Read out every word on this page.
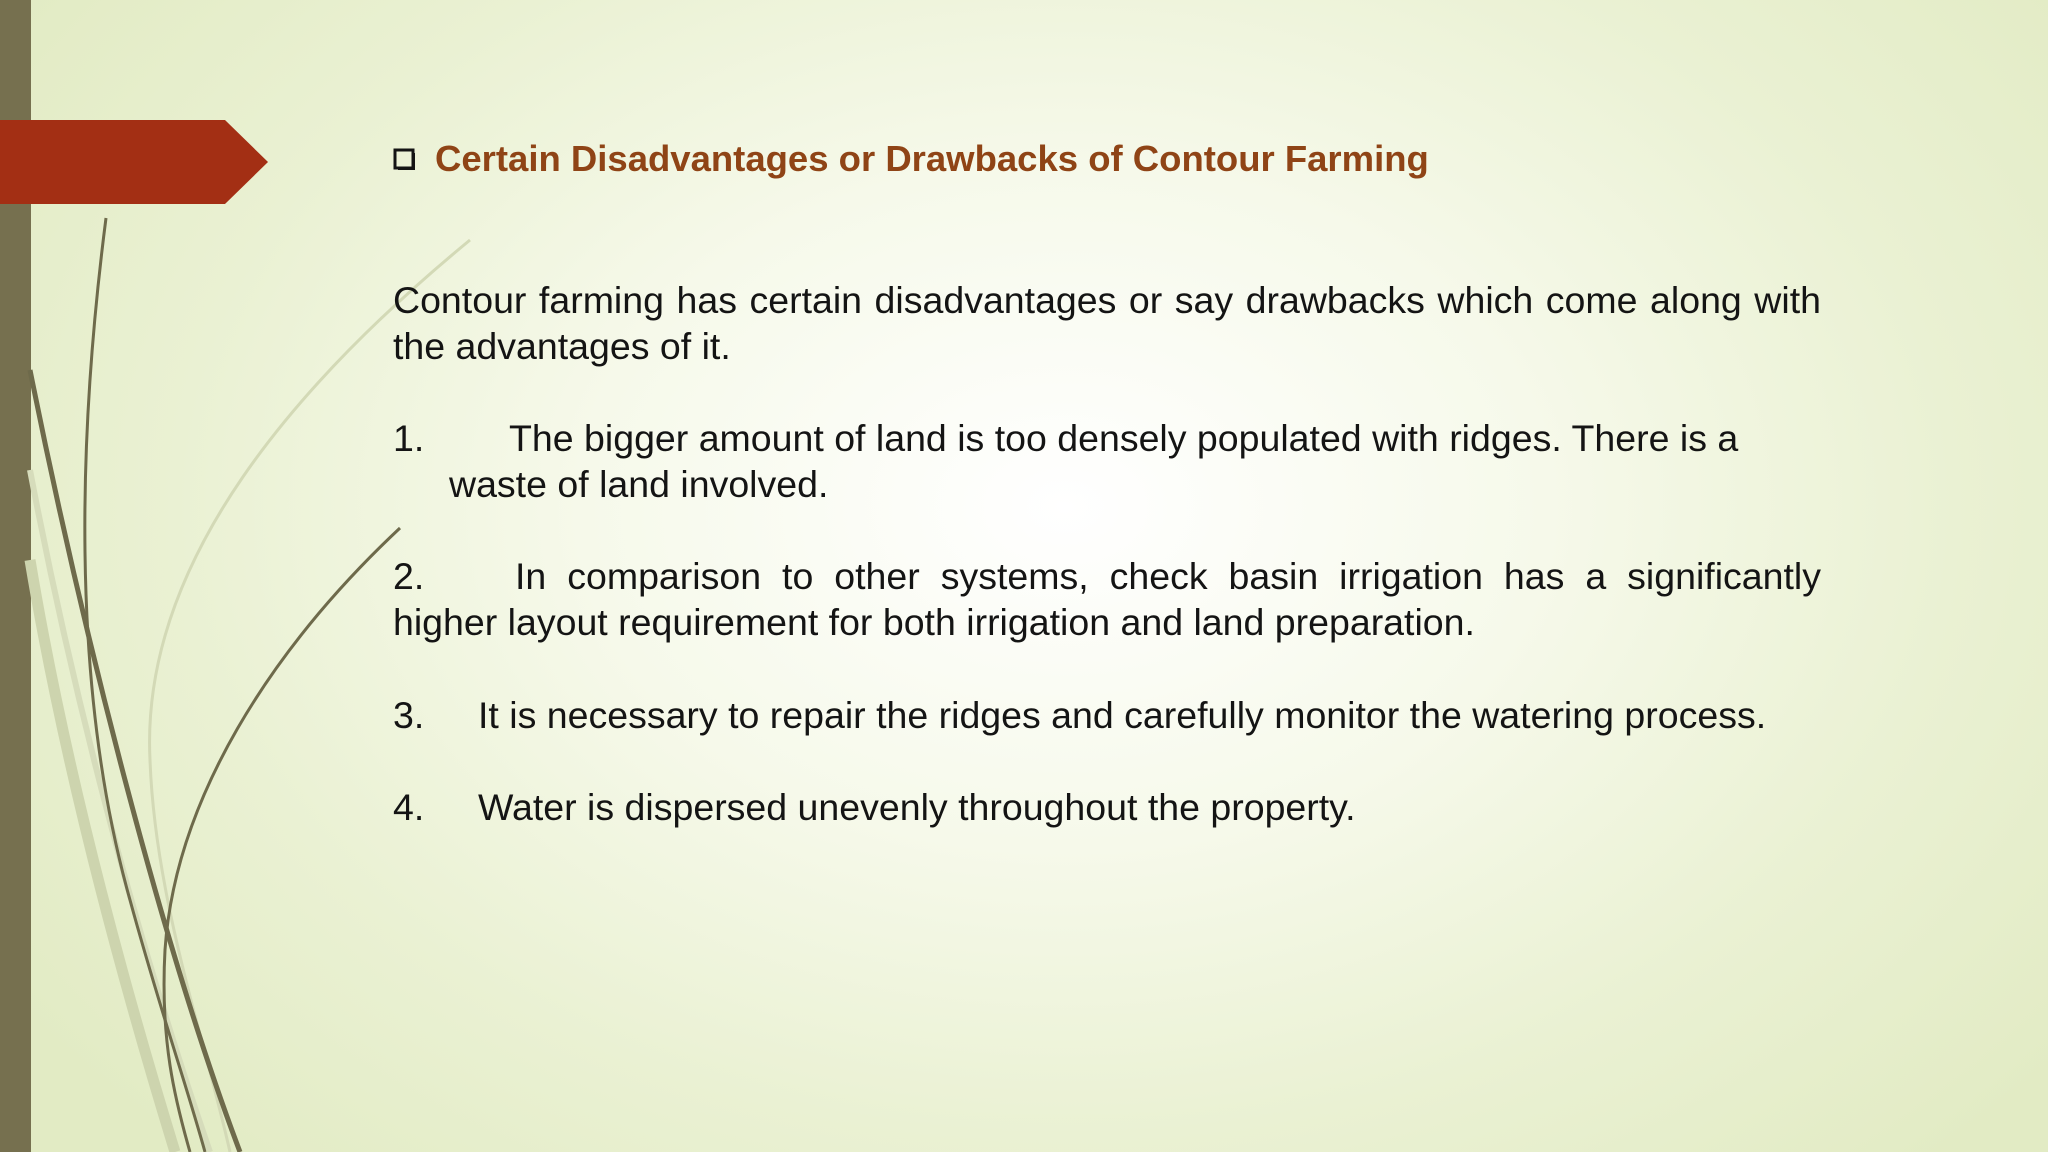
Certain Disadvantages or Drawbacks of Contour Farming

Contour farming has certain disadvantages or say drawbacks which come along with the advantages of it.

1. The bigger amount of land is too densely populated with ridges. There is a

waste of land involved.

2. In comparison to other systems, check basin irrigation has a significantly higher layout requirement for both irrigation and land preparation.

3. It is necessary to repair the ridges and carefully monitor the watering process.

4. Water is dispersed unevenly throughout the property.
